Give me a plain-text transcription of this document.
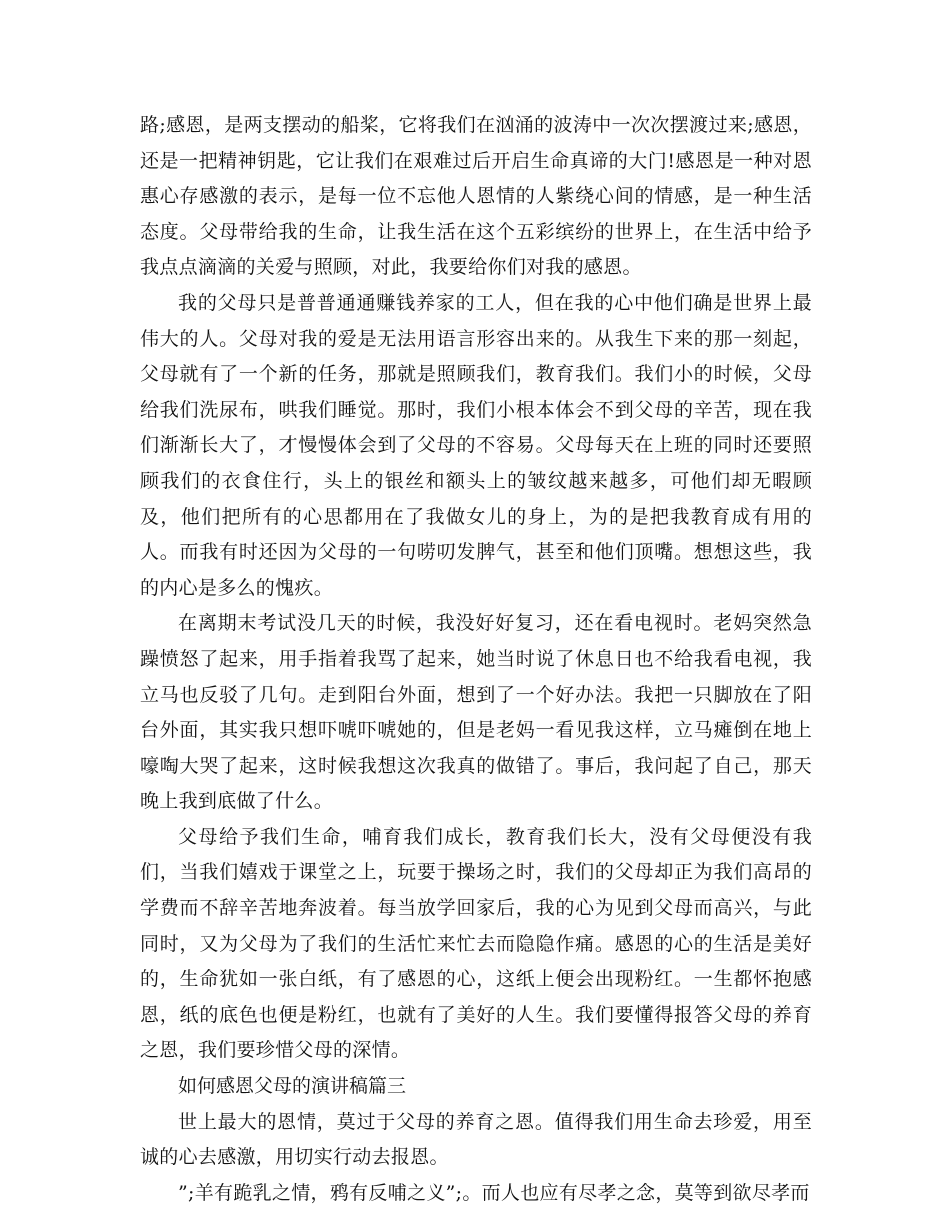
路;感恩，是两支摆动的船桨，它将我们在汹涌的波涛中一次次摆渡过来;感恩，还是一把精神钥匙，它让我们在艰难过后开启生命真谛的大门!感恩是一种对恩惠心存感激的表示，是每一位不忘他人恩情的人紫绕心间的情感，是一种生活态度。父母带给我的生命，让我生活在这个五彩缤纷的世界上，在生活中给予我点点滴滴的关爱与照顾，对此，我要给你们对我的感恩。

我的父母只是普普通通赚钱养家的工人，但在我的心中他们确是世界上最伟大的人。父母对我的爱是无法用语言形容出来的。从我生下来的那一刻起，父母就有了一个新的任务，那就是照顾我们，教育我们。我们小的时候，父母给我们洗尿布，哄我们睡觉。那时，我们小根本体会不到父母的辛苦，现在我们渐渐长大了，才慢慢体会到了父母的不容易。父母每天在上班的同时还要照顾我们的衣食住行，头上的银丝和额头上的皱纹越来越多，可他们却无暇顾及，他们把所有的心思都用在了我做女儿的身上，为的是把我教育成有用的人。而我有时还因为父母的一句唠叨发脾气，甚至和他们顶嘴。想想这些，我的内心是多么的愧疚。

在离期末考试没几天的时候，我没好好复习，还在看电视时。老妈突然急躁愤怒了起来，用手指着我骂了起来，她当时说了休息日也不给我看电视，我立马也反驳了几句。走到阳台外面，想到了一个好办法。我把一只脚放在了阳台外面，其实我只想吓唬吓唬她的，但是老妈一看见我这样，立马瘫倒在地上嚎啕大哭了起来，这时候我想这次我真的做错了。事后，我问起了自己，那天晚上我到底做了什么。

父母给予我们生命，哺育我们成长，教育我们长大，没有父母便没有我们，当我们嬉戏于课堂之上，玩要于操场之时，我们的父母却正为我们高昂的学费而不辞辛苦地奔波着。每当放学回家后，我的心为见到父母而高兴，与此同时，又为父母为了我们的生活忙来忙去而隐隐作痛。感恩的心的生活是美好的，生命犹如一张白纸，有了感恩的心，这纸上便会出现粉红。一生都怀抱感恩，纸的底色也便是粉红，也就有了美好的人生。我们要懂得报答父母的养育之恩，我们要珍惜父母的深情。

如何感恩父母的演讲稿篇三

世上最大的恩情，莫过于父母的养育之恩。值得我们用生命去珍爱，用至诚的心去感激，用切实行动去报恩。

”;羊有跪乳之情，鸦有反哺之义”;。而人也应有尽孝之念，莫等到欲尽孝而
